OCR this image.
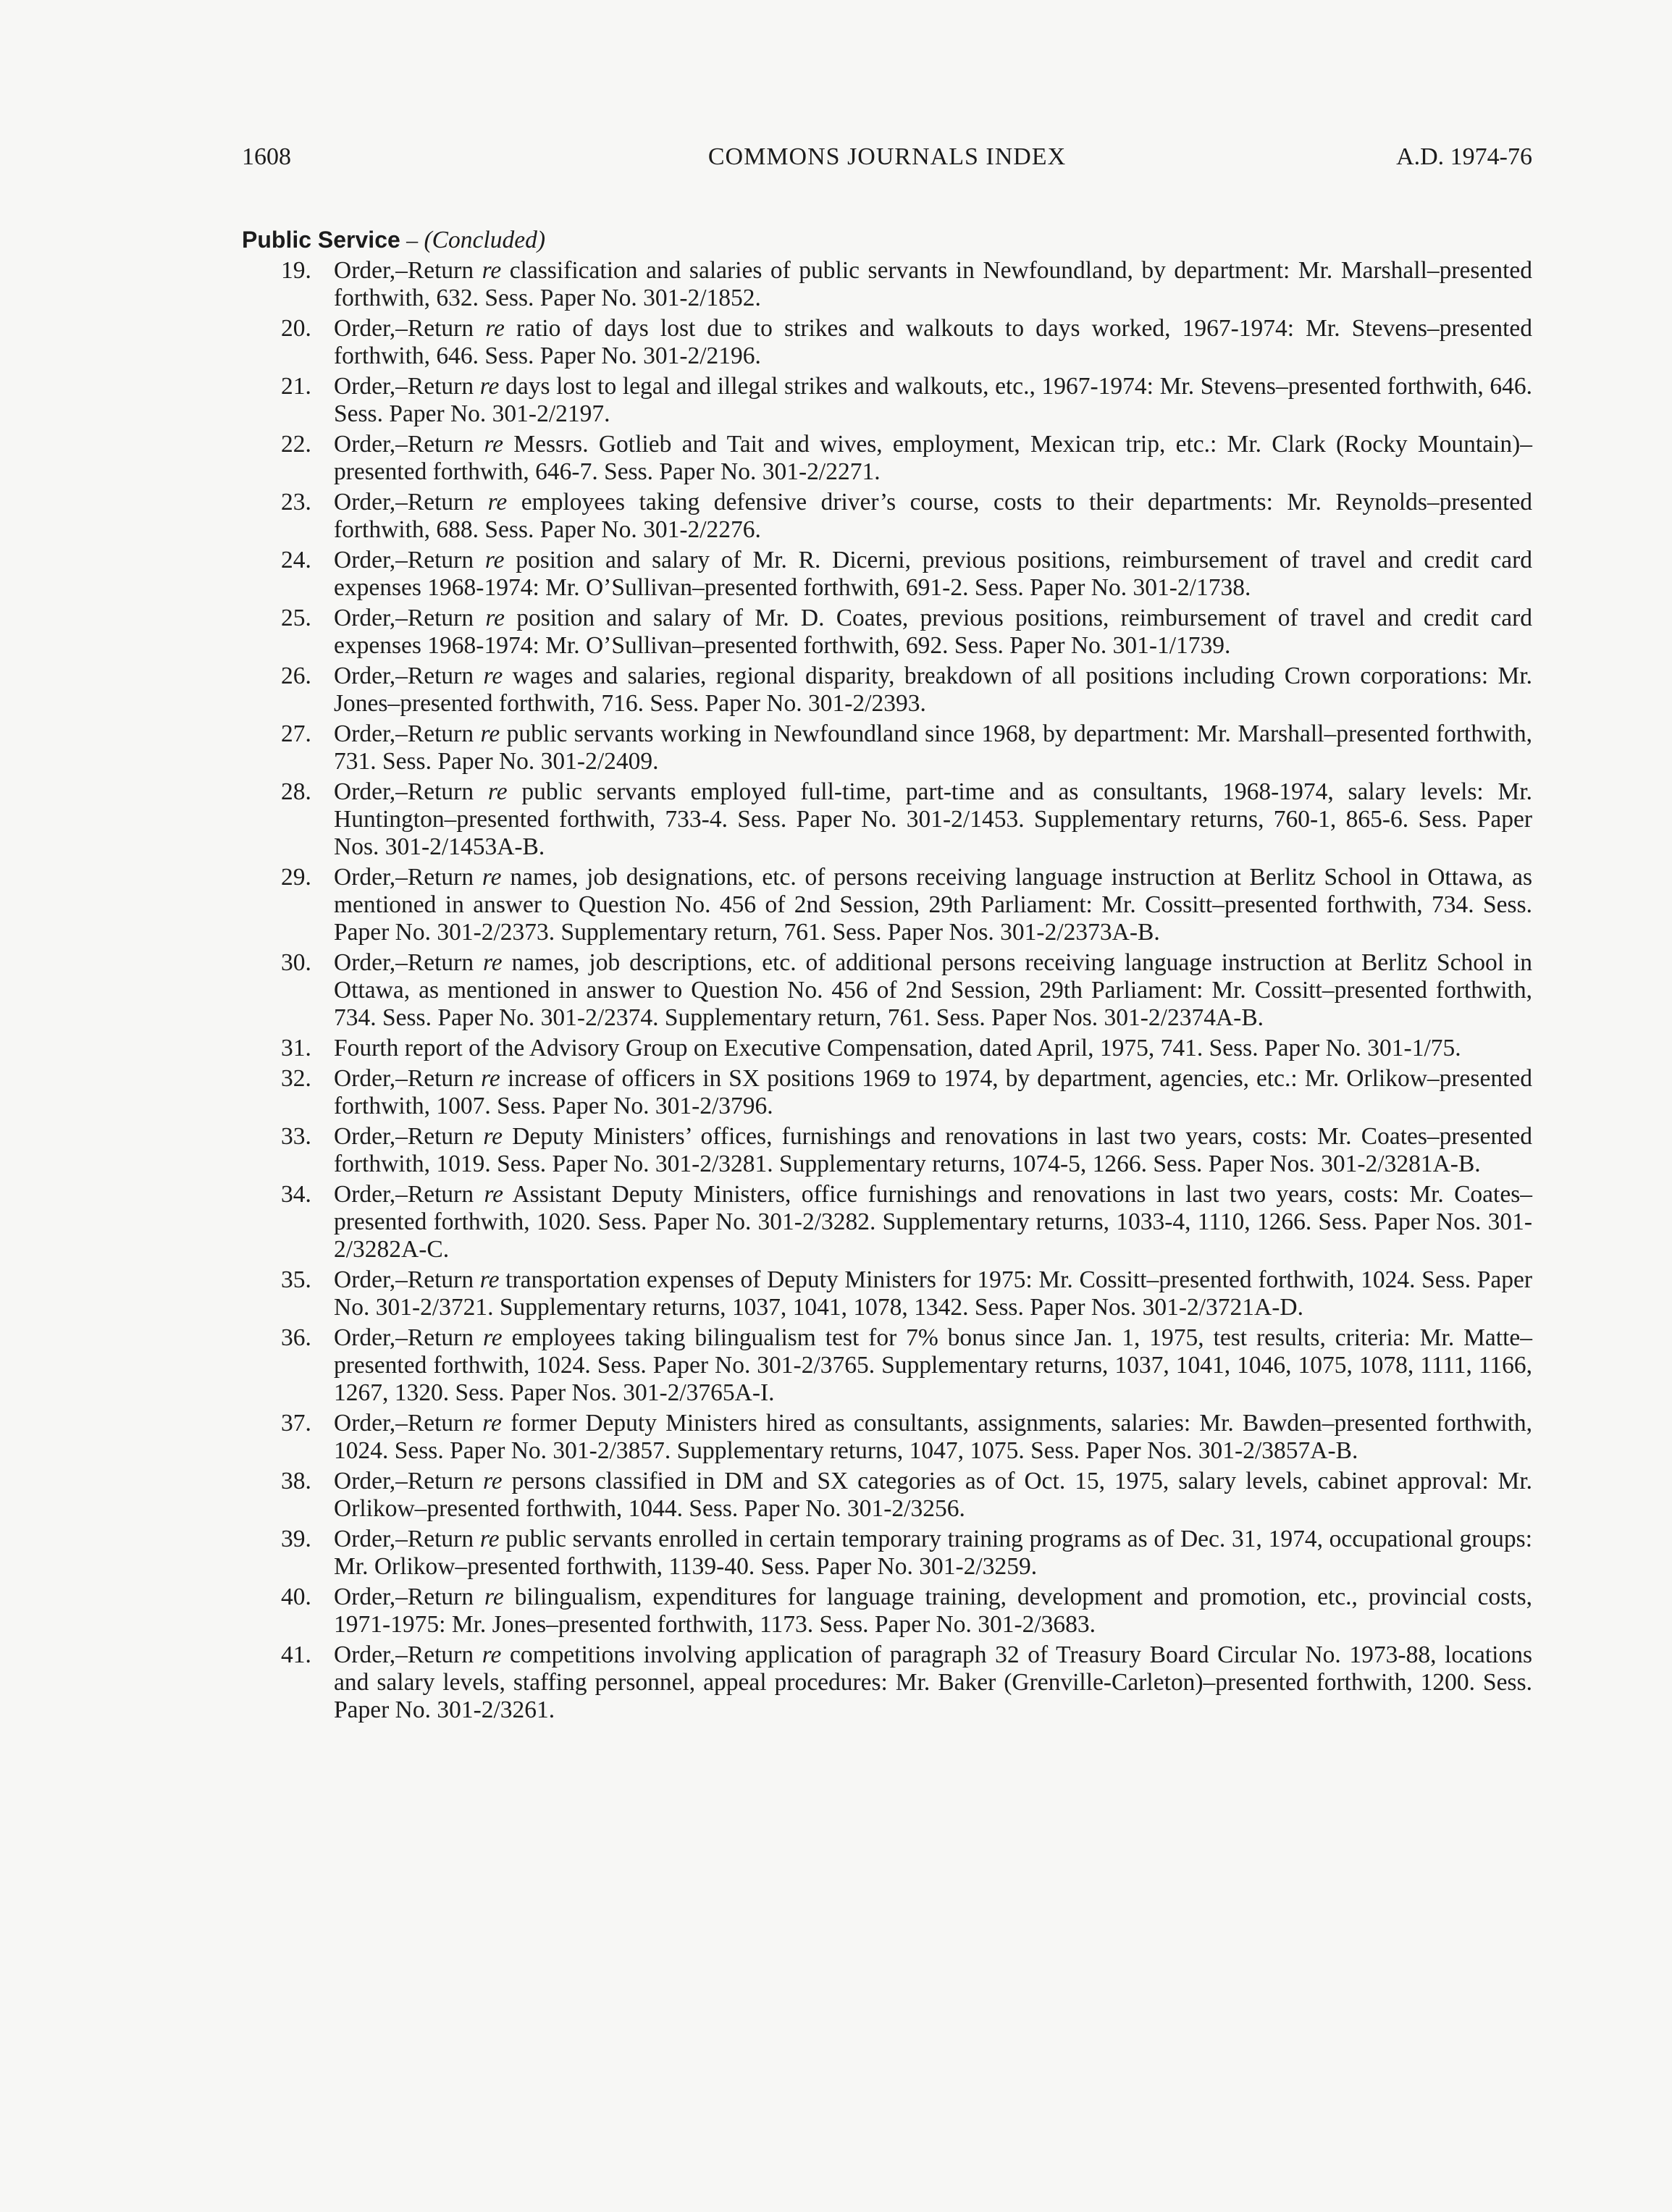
1608	COMMONS JOURNALS INDEX	A.D. 1974-76
Public Service – (Concluded)
19. Order,–Return re classification and salaries of public servants in Newfoundland, by department: Mr. Marshall–presented forthwith, 632. Sess. Paper No. 301-2/1852.
20. Order,–Return re ratio of days lost due to strikes and walkouts to days worked, 1967-1974: Mr. Stevens–presented forthwith, 646. Sess. Paper No. 301-2/2196.
21. Order,–Return re days lost to legal and illegal strikes and walkouts, etc., 1967-1974: Mr. Stevens–presented forthwith, 646. Sess. Paper No. 301-2/2197.
22. Order,–Return re Messrs. Gotlieb and Tait and wives, employment, Mexican trip, etc.: Mr. Clark (Rocky Mountain)–presented forthwith, 646-7. Sess. Paper No. 301-2/2271.
23. Order,–Return re employees taking defensive driver’s course, costs to their departments: Mr. Reynolds–presented forthwith, 688. Sess. Paper No. 301-2/2276.
24. Order,–Return re position and salary of Mr. R. Dicerni, previous positions, reimbursement of travel and credit card expenses 1968-1974: Mr. O’Sullivan–presented forthwith, 691-2. Sess. Paper No. 301-2/1738.
25. Order,–Return re position and salary of Mr. D. Coates, previous positions, reimbursement of travel and credit card expenses 1968-1974: Mr. O’Sullivan–presented forthwith, 692. Sess. Paper No. 301-1/1739.
26. Order,–Return re wages and salaries, regional disparity, breakdown of all positions including Crown corporations: Mr. Jones–presented forthwith, 716. Sess. Paper No. 301-2/2393.
27. Order,–Return re public servants working in Newfoundland since 1968, by department: Mr. Marshall–presented forthwith, 731. Sess. Paper No. 301-2/2409.
28. Order,–Return re public servants employed full-time, part-time and as consultants, 1968-1974, salary levels: Mr. Huntington–presented forthwith, 733-4. Sess. Paper No. 301-2/1453. Supplementary returns, 760-1, 865-6. Sess. Paper Nos. 301-2/1453A-B.
29. Order,–Return re names, job designations, etc. of persons receiving language instruction at Berlitz School in Ottawa, as mentioned in answer to Question No. 456 of 2nd Session, 29th Parliament: Mr. Cossitt–presented forthwith, 734. Sess. Paper No. 301-2/2373. Supplementary return, 761. Sess. Paper Nos. 301-2/2373A-B.
30. Order,–Return re names, job descriptions, etc. of additional persons receiving language instruction at Berlitz School in Ottawa, as mentioned in answer to Question No. 456 of 2nd Session, 29th Parliament: Mr. Cossitt–presented forthwith, 734. Sess. Paper No. 301-2/2374. Supplementary return, 761. Sess. Paper Nos. 301-2/2374A-B.
31. Fourth report of the Advisory Group on Executive Compensation, dated April, 1975, 741. Sess. Paper No. 301-1/75.
32. Order,–Return re increase of officers in SX positions 1969 to 1974, by department, agencies, etc.: Mr. Orlikow–presented forthwith, 1007. Sess. Paper No. 301-2/3796.
33. Order,–Return re Deputy Ministers’ offices, furnishings and renovations in last two years, costs: Mr. Coates–presented forthwith, 1019. Sess. Paper No. 301-2/3281. Supplementary returns, 1074-5, 1266. Sess. Paper Nos. 301-2/3281A-B.
34. Order,–Return re Assistant Deputy Ministers, office furnishings and renovations in last two years, costs: Mr. Coates–presented forthwith, 1020. Sess. Paper No. 301-2/3282. Supplementary returns, 1033-4, 1110, 1266. Sess. Paper Nos. 301-2/3282A-C.
35. Order,–Return re transportation expenses of Deputy Ministers for 1975: Mr. Cossitt–presented forthwith, 1024. Sess. Paper No. 301-2/3721. Supplementary returns, 1037, 1041, 1078, 1342. Sess. Paper Nos. 301-2/3721A-D.
36. Order,–Return re employees taking bilingualism test for 7% bonus since Jan. 1, 1975, test results, criteria: Mr. Matte–presented forthwith, 1024. Sess. Paper No. 301-2/3765. Supplementary returns, 1037, 1041, 1046, 1075, 1078, 1111, 1166, 1267, 1320. Sess. Paper Nos. 301-2/3765A-I.
37. Order,–Return re former Deputy Ministers hired as consultants, assignments, salaries: Mr. Bawden–presented forthwith, 1024. Sess. Paper No. 301-2/3857. Supplementary returns, 1047, 1075. Sess. Paper Nos. 301-2/3857A-B.
38. Order,–Return re persons classified in DM and SX categories as of Oct. 15, 1975, salary levels, cabinet approval: Mr. Orlikow–presented forthwith, 1044. Sess. Paper No. 301-2/3256.
39. Order,–Return re public servants enrolled in certain temporary training programs as of Dec. 31, 1974, occupational groups: Mr. Orlikow–presented forthwith, 1139-40. Sess. Paper No. 301-2/3259.
40. Order,–Return re bilingualism, expenditures for language training, development and promotion, etc., provincial costs, 1971-1975: Mr. Jones–presented forthwith, 1173. Sess. Paper No. 301-2/3683.
41. Order,–Return re competitions involving application of paragraph 32 of Treasury Board Circular No. 1973-88, locations and salary levels, staffing personnel, appeal procedures: Mr. Baker (Grenville-Carleton)–presented forthwith, 1200. Sess. Paper No. 301-2/3261.
